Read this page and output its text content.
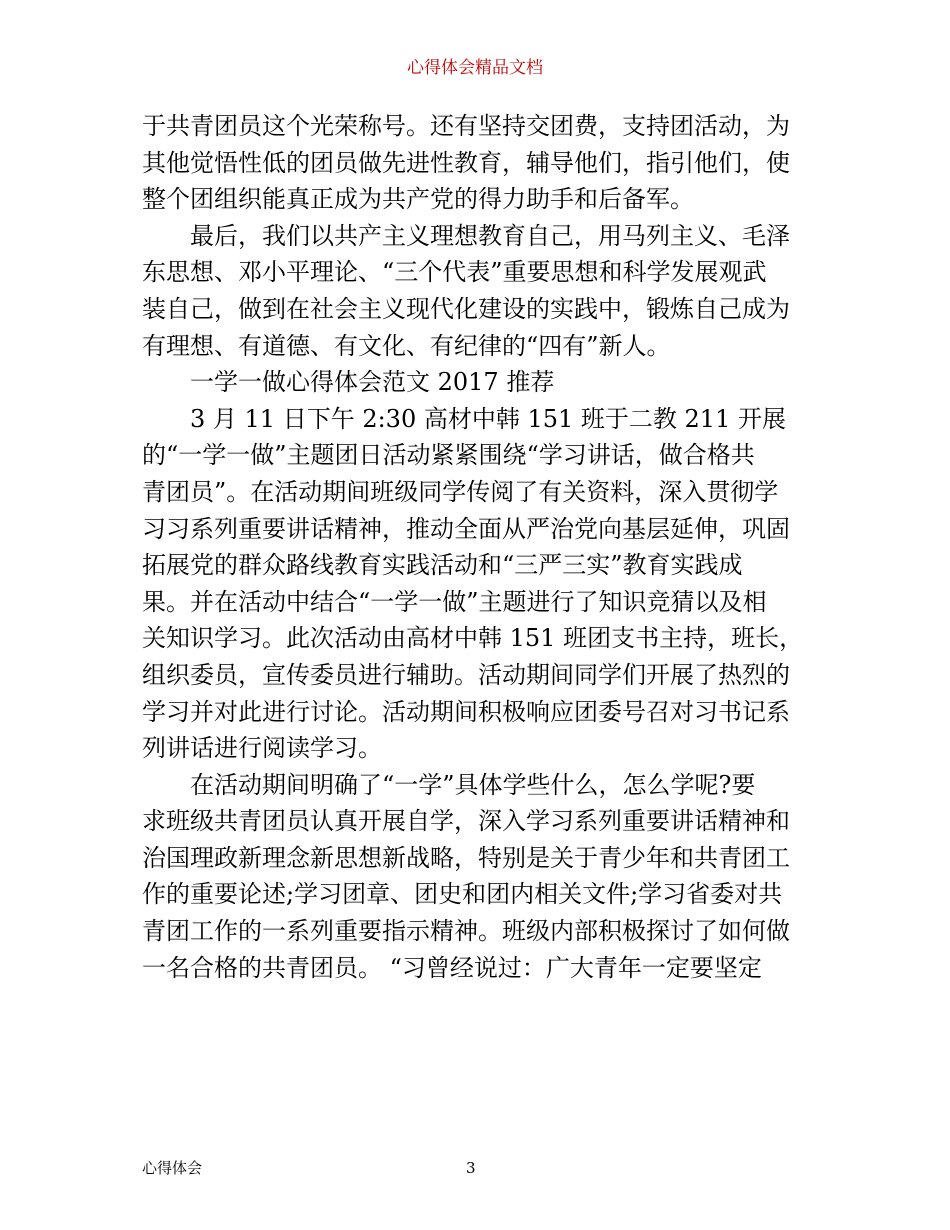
心得体会精品文档

于共青团员这个光荣称号。还有坚持交团费，支持团活动，为

其他觉悟性低的团员做先进性教育，辅导他们，指引他们，使

整个团组织能真正成为共产党的得力助手和后备军。

最后，我们以共产主义理想教育自己，用马列主义、毛泽

东思想、邓小平理论、“三个代表”重要思想和科学发展观武

装自己，做到在社会主义现代化建设的实践中，锻炼自己成为

有理想、有道德、有文化、有纪律的“四有”新人。

一学一做心得体会范文 2017 推荐

3 月 11 日下午 2:30 高材中韩 151 班于二教 211 开展

的“一学一做”主题团日活动紧紧围绕“学习讲话，做合格共

青团员”。在活动期间班级同学传阅了有关资料，深入贯彻学

习习系列重要讲话精神，推动全面从严治党向基层延伸，巩固

拓展党的群众路线教育实践活动和“三严三实”教育实践成

果。并在活动中结合“一学一做”主题进行了知识竞猜以及相

关知识学习。此次活动由高材中韩 151 班团支书主持，班长，

组织委员，宣传委员进行辅助。活动期间同学们开展了热烈的

学习并对此进行讨论。活动期间积极响应团委号召对习书记系

列讲话进行阅读学习。

在活动期间明确了“一学”具体学些什么，怎么学呢?要

求班级共青团员认真开展自学，深入学习系列重要讲话精神和

治国理政新理念新思想新战略，特别是关于青少年和共青团工

作的重要论述;学习团章、团史和团内相关文件;学习省委对共

青团工作的一系列重要指示精神。班级内部积极探讨了如何做

一名合格的共青团员。 “习曾经说过：广大青年一定要坚定

心得体会	3
